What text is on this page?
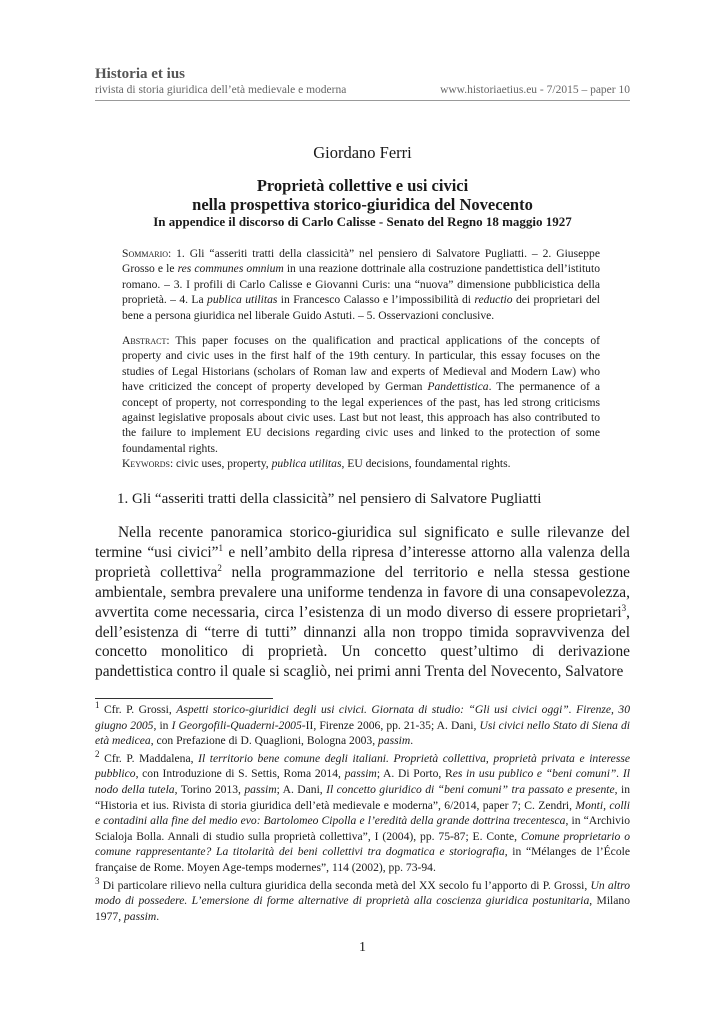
Historia et ius

rivista di storia giuridica dell’età medievale e moderna	www.historiaetius.eu - 7/2015 – paper 10
Giordano Ferri
Proprietà collettive e usi civici
nella prospettiva storico-giuridica del Novecento
In appendice il discorso di Carlo Calisse - Senato del Regno 18 maggio 1927
Sommario: 1. Gli “asseriti tratti della classicità” nel pensiero di Salvatore Pugliatti. – 2. Giuseppe Grosso e le res communes omnium in una reazione dottrinale alla costruzione pandettistica dell’istituto romano. – 3. I profili di Carlo Calisse e Giovanni Curis: una “nuova” dimensione pubblicistica della proprietà. – 4. La publica utilitas in Francesco Calasso e l’impossibilità di reductio dei proprietari del bene a persona giuridica nel liberale Guido Astuti. – 5. Osservazioni conclusive.
Abstract: This paper focuses on the qualification and practical applications of the concepts of property and civic uses in the first half of the 19th century. In particular, this essay focuses on the studies of Legal Historians (scholars of Roman law and experts of Medieval and Modern Law) who have criticized the concept of property developed by German Pandettistica. The permanence of a concept of property, not corresponding to the legal experiences of the past, has led strong criticisms against legislative proposals about civic uses. Last but not least, this approach has also contributed to the failure to implement EU decisions regarding civic uses and linked to the protection of some foundamental rights.
Keywords: civic uses, property, publica utilitas, EU decisions, foundamental rights.
1. Gli “asseriti tratti della classicità” nel pensiero di Salvatore Pugliatti
Nella recente panoramica storico-giuridica sul significato e sulle rilevanze del termine “usi civici”$^1$ e nell’ambito della ripresa d’interesse attorno alla valenza della proprietà collettiva$^2$ nella programmazione del territorio e nella stessa gestione ambientale, sembra prevalere una uniforme tendenza in favore di una consapevolezza, avvertita come necessaria, circa l’esistenza di un modo diverso di essere proprietari$^3$, dell’esistenza di “terre di tutti” dinnanzi alla non troppo timida sopravvivenza del concetto monolitico di proprietà. Un concetto quest’ultimo di derivazione pandettistica contro il quale si scagliò, nei primi anni Trenta del Novecento, Salvatore

$^1$ Cfr. P. Grossi, Aspetti storico-giuridici degli usi civici. Giornata di studio: “Gli usi civici oggi”. Firenze, 30 giugno 2005, in I Georgofili-Quaderni-2005-II, Firenze 2006, pp. 21-35; A. Dani, Usi civici nello Stato di Siena di età medicea, con Prefazione di D. Quaglioni, Bologna 2003, passim.

$^2$ Cfr. P. Maddalena, Il territorio bene comune degli italiani. Proprietà collettiva, proprietà privata e interesse pubblico, con Introduzione di S. Settis, Roma 2014, passim; A. Di Porto, Res in usu publico e “beni comuni”. Il nodo della tutela, Torino 2013, passim; A. Dani, Il concetto giuridico di “beni comuni” tra passato e presente, in “Historia et ius. Rivista di storia giuridica dell’età medievale e moderna”, 6/2014, paper 7; C. Zendri, Monti, colli e contadini alla fine del medio evo: Bartolomeo Cipolla e l’eredità della grande dottrina trecentesca, in “Archivio Scialoja Bolla. Annali di studio sulla proprietà collettiva”, I (2004), pp. 75-87; E. Conte, Comune proprietario o comune rappresentante? La titolarità dei beni collettivi tra dogmatica e storiografia, in “Mélanges de l’École française de Rome. Moyen Age-temps modernes”, 114 (2002), pp. 73-94.

$^3$ Di particolare rilievo nella cultura giuridica della seconda metà del XX secolo fu l’apporto di P. Grossi, Un altro modo di possedere. L’emersione di forme alternative di proprietà alla coscienza giuridica postunitaria, Milano 1977, passim.

1
